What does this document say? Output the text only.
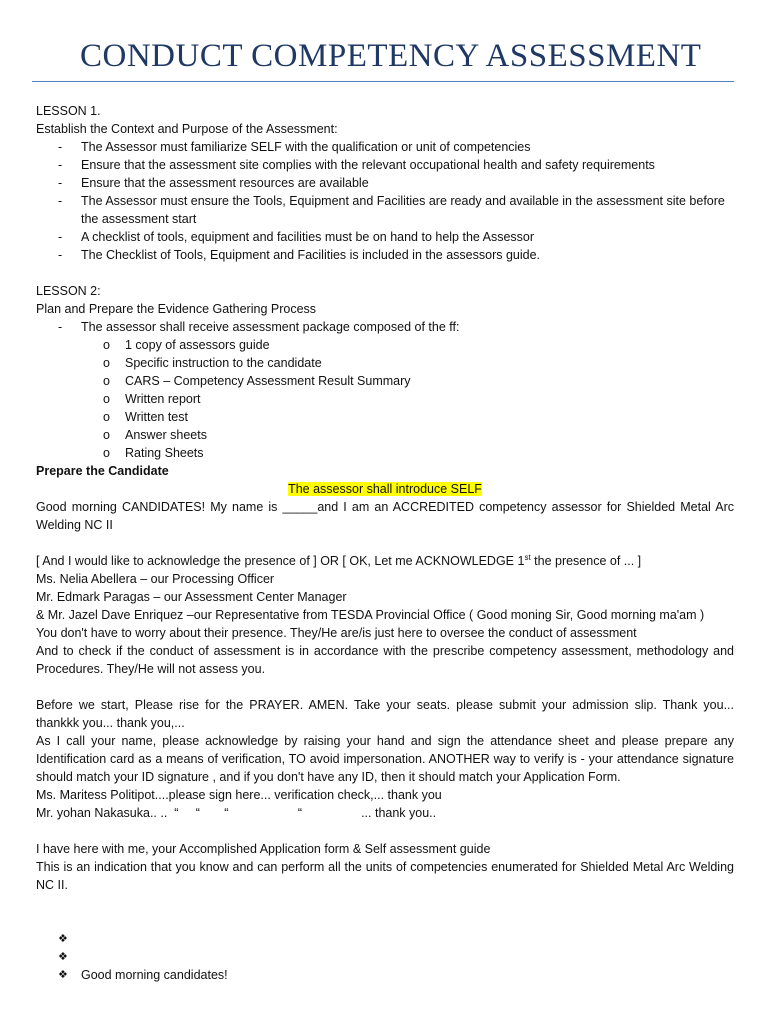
CONDUCT COMPETENCY ASSESSMENT
LESSON 1.
Establish the Context and Purpose of the Assessment:
- The Assessor must familiarize SELF with the qualification or unit of competencies
- Ensure that the assessment site complies with the relevant occupational health and safety requirements
- Ensure that the assessment resources are available
- The Assessor must ensure the Tools, Equipment and Facilities are ready and available in the assessment site before the assessment start
- A checklist of tools, equipment and facilities must be on hand to help the Assessor
- The Checklist of Tools, Equipment and Facilities is included in the assessors guide.
LESSON 2:
Plan and Prepare the Evidence Gathering Process
- The assessor shall receive assessment package composed of the ff:
o 1 copy of assessors guide
o Specific instruction to the candidate
o CARS – Competency Assessment Result Summary
o Written report
o Written test
o Answer sheets
o Rating Sheets
Prepare the Candidate
The assessor shall introduce SELF
Good morning CANDIDATES! My name is _____and I am an ACCREDITED competency assessor for Shielded Metal Arc Welding NC II
[ And I would like to acknowledge the presence of ] OR [ OK, Let me ACKNOWLEDGE 1st the presence of ... ]
Ms. Nelia Abellera – our Processing Officer
Mr. Edmark Paragas – our Assessment Center Manager
& Mr. Jazel Dave Enriquez –our Representative from TESDA Provincial Office ( Good moning Sir, Good morning ma'am )
You don't have to worry about their presence. They/He are/is just here to oversee the conduct of assessment
And to check if the conduct of assessment is in accordance with the prescribe competency assessment, methodology and Procedures. They/He will not assess you.
Before we start, Please rise for the PRAYER. AMEN. Take your seats. please submit your admission slip. Thank you... thankkk you... thank you,...
As I call your name, please acknowledge by raising your hand and sign the attendance sheet and please prepare any Identification card as a means of verification, TO avoid impersonation. ANOTHER way to verify is - your attendance signature should match your ID signature , and if you don't have any ID, then it should match your Application Form.
Ms. Maritess Politipot....please sign here... verification check,... thank you
Mr. yohan Nakasuka.. ..  “     “       “                    “                 ... thank you..
I have here with me, your Accomplished Application form & Self assessment guide
This is an indication that you know and can perform all the units of competencies enumerated for Shielded Metal Arc Welding NC II.
❖
❖
❖ Good morning candidates!
